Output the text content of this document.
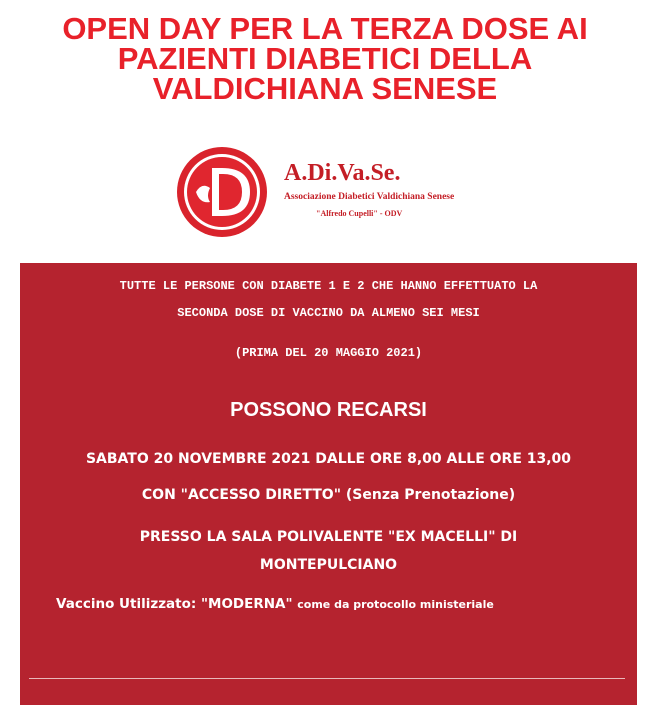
OPEN DAY PER LA TERZA DOSE AI
PAZIENTI DIABETICI DELLA
VALDICHIANA SENESE
A.Di.Va.Se.
Associazione Diabetici Valdichiana Senese
"Alfredo Cupelli" - ODV
TUTTE LE PERSONE CON DIABETE 1 E 2 CHE HANNO EFFETTUATO LA
SECONDA DOSE DI VACCINO DA ALMENO SEI MESI
(PRIMA DEL 20 MAGGIO 2021)
POSSONO RECARSI
SABATO 20 NOVEMBRE 2021 DALLE ORE 8,00 ALLE ORE 13,00
CON "ACCESSO DIRETTO" (Senza Prenotazione)
PRESSO LA SALA POLIVALENTE "EX MACELLI" DI
MONTEPULCIANO
Vaccino Utilizzato: "MODERNA" come da protocollo ministeriale
